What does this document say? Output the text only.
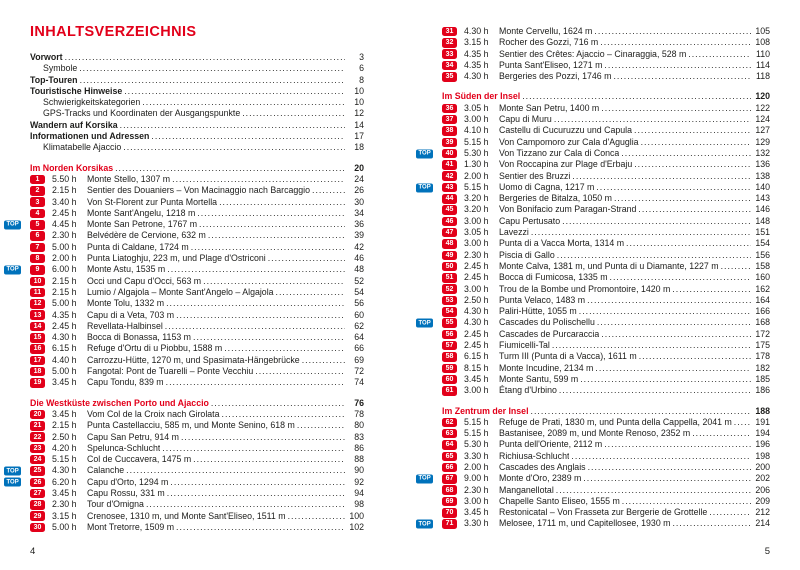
INHALTSVERZEICHNIS
Vorwort .....	3
Symbole .....	6
Top-Touren .....	8
Touristische Hinweise .....	10
Schwierigkeitskategorien .....	10
GPS-Tracks und Koordinaten der Ausgangspunkte .....	12
Wandern auf Korsika .....	14
Informationen und Adressen .....	17
Klimatabelle Ajaccio .....	18
Im Norden Korsikas .....	20
1	5.50 h	Monte Stello, 1307 m .....	24
2	2.15 h	Sentier des Douaniers – Von Macinaggio nach Barcaggio .....	26
3	3.40 h	Von St-Florent zur Punta Mortella .....	30
4	2.45 h	Monte Sant'Angelu, 1218 m .....	34
TOP	5	4.45 h	Monte San Petrone, 1767 m .....	36
6	2.30 h	Belvédère de Cervione, 632 m .....	39
7	5.00 h	Punta di Caldane, 1724 m .....	42
8	2.00 h	Punta Liatoghju, 223 m, und Plage d'Ostriconi .....	46
TOP	9	6.00 h	Monte Astu, 1535 m .....	48
10	2.15 h	Occi und Capu d'Occi, 563 m .....	52
11	2.15 h	Lumio / Algajola – Monte Sant'Angelo – Algajola .....	54
12	5.00 h	Monte Tolu, 1332 m .....	56
13	4.35 h	Capu di a Veta, 703 m .....	60
14	2.45 h	Revellata-Halbinsel .....	62
15	4.30 h	Bocca di Bonassa, 1153 m .....	64
16	6.15 h	Refuge d'Ortu di u Piobbu, 1588 m .....	66
17	4.40 h	Carrozzu-Hütte, 1270 m, und Spasimata-Hängebrücke .....	69
18	5.00 h	Fangotal: Pont de Tuarelli – Ponte Vecchiu .....	72
19	3.45 h	Capu Tondu, 839 m .....	74
Die Westküste zwischen Porto und Ajaccio .....	76
20	3.45 h	Vom Col de la Croix nach Girolata .....	78
21	2.15 h	Punta Castellacciu, 585 m, und Monte Senino, 618 m .....	80
22	2.50 h	Capu San Petru, 914 m .....	83
23	4.20 h	Spelunca-Schlucht .....	86
24	5.15 h	Col de Cuccavera, 1475 m .....	88
TOP	25	4.30 h	Calanche .....	90
TOP	26	6.20 h	Capu d'Orto, 1294 m .....	92
27	3.45 h	Capu Rossu, 331 m .....	94
28	2.30 h	Tour d'Omigna .....	98
29	3.15 h	Crenosee, 1310 m, und Monte Sant'Eliseo, 1511 m .....	100
30	5.00 h	Mont Tretorre, 1509 m .....	102
4
31	4.30 h	Monte Cervellu, 1624 m .....	105
32	3.15 h	Rocher des Gozzi, 716 m .....	108
33	4.35 h	Sentier des Crêtes: Ajaccio – Cinaraggia, 528 m .....	110
34	4.35 h	Punta Sant'Eliseo, 1271 m .....	114
35	4.30 h	Bergeries des Pozzi, 1746 m .....	118
Im Süden der Insel .....	120
36	3.05 h	Monte San Petru, 1400 m .....	122
37	3.00 h	Capu di Muru .....	124
38	4.10 h	Castellu di Cucuruzzu und Capula .....	127
39	5.15 h	Von Campomoro zur Cala d'Aguglia .....	129
TOP	40	5.30 h	Von Tizzano zur Cala di Conca .....	132
41	1.30 h	Von Roccapina zur Plage d'Erbaju .....	136
42	2.00 h	Sentier des Bruzzi .....	138
TOP	43	5.15 h	Uomo di Cagna, 1217 m .....	140
44	3.20 h	Bergeries de Bitalza, 1050 m .....	143
45	3.20 h	Von Bonifacio zum Paragan-Strand .....	146
46	3.00 h	Capu Pertusato .....	148
47	3.05 h	Lavezzi .....	151
48	3.00 h	Punta di a Vacca Morta, 1314 m .....	154
49	2.30 h	Piscia di Gallo .....	156
50	2.45 h	Monte Calva, 1381 m, und Punta di u Diamante, 1227 m .....	158
51	2.45 h	Bocca di Fumicosa, 1335 m .....	160
52	3.00 h	Trou de la Bombe und Promontoire, 1420 m .....	162
53	2.50 h	Punta Velaco, 1483 m .....	164
54	4.30 h	Paliri-Hütte, 1055 m .....	166
TOP	55	4.30 h	Cascades du Polischellu .....	168
56	2.45 h	Cascades de Purcaraccia .....	172
57	2.45 h	Fiumicelli-Tal .....	175
58	6.15 h	Turm III (Punta di a Vacca), 1611 m .....	178
59	8.15 h	Monte Incudine, 2134 m .....	182
60	3.45 h	Monte Santu, 599 m .....	185
61	3.00 h	Étang d'Urbino .....	186
Im Zentrum der Insel .....	188
62	5.15 h	Refuge de Prati, 1830 m, und Punta della Cappella, 2041 m .....	191
63	5.15 h	Bastanisee, 2089 m, und Monte Renoso, 2352 m .....	194
64	5.30 h	Punta dell'Oriente, 2112 m .....	196
65	3.30 h	Richiusa-Schlucht .....	198
66	2.00 h	Cascades des Anglais .....	200
TOP	67	9.00 h	Monte d'Oro, 2389 m .....	202
68	2.30 h	Manganellotal .....	206
69	3.00 h	Chapelle Santo Eliseo, 1555 m .....	209
70	3.45 h	Restonicatal – Von Frasseta zur Bergerie de Grottelle .....	212
TOP	71	3.30 h	Melosee, 1711 m, und Capitellosee, 1930 m .....	214
5
